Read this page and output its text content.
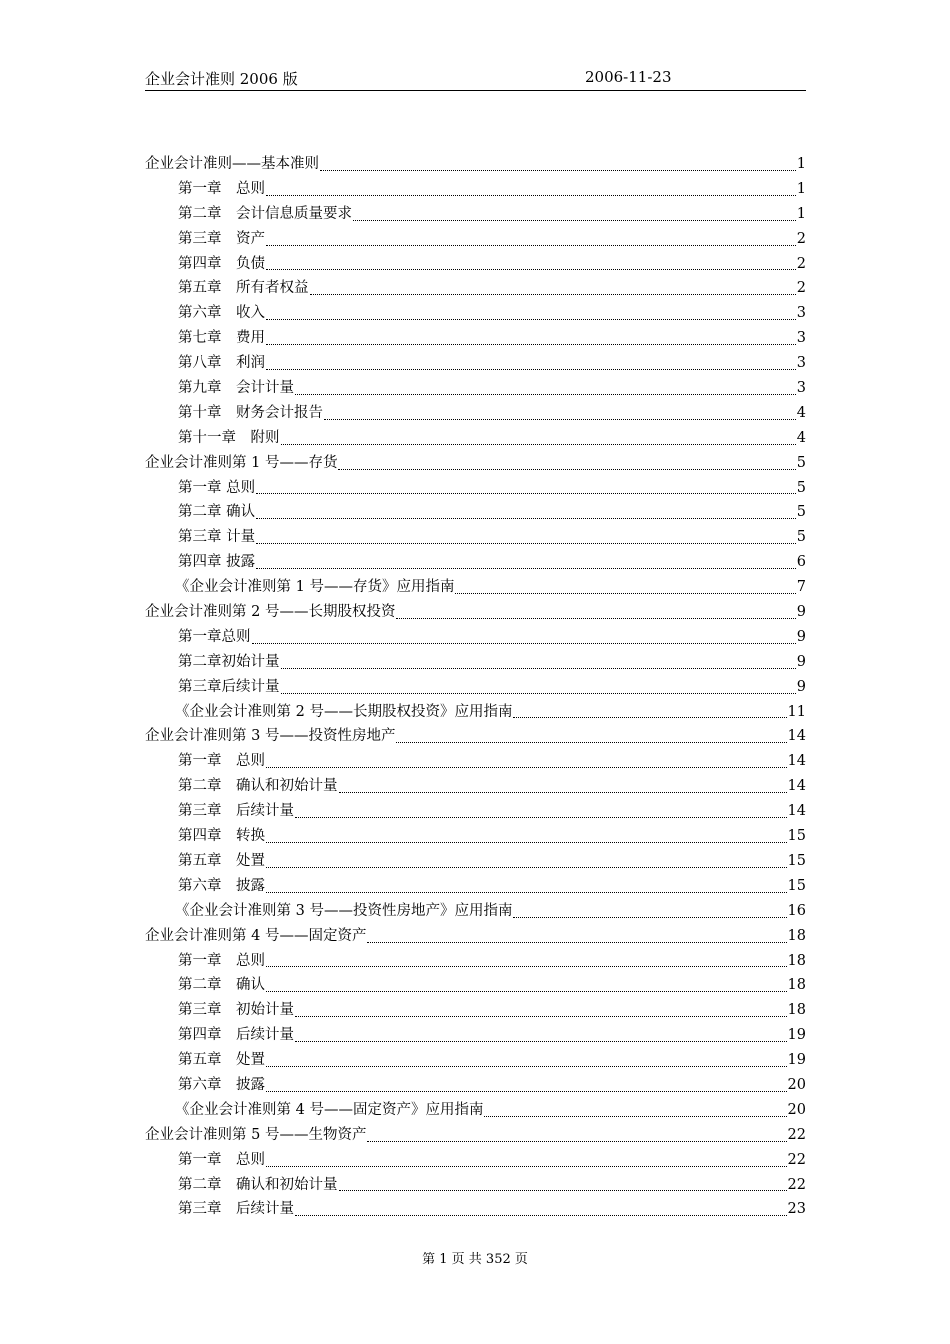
企业会计准则 2006 版	2006-11-23
企业会计准则——基本准则	1
第一章　总则	1
第二章　会计信息质量要求	1
第三章　资产	2
第四章　负债	2
第五章　所有者权益	2
第六章　收入	3
第七章　费用	3
第八章　利润	3
第九章　会计计量	3
第十章　财务会计报告	4
第十一章　附则	4
企业会计准则第 1 号——存货	5
第一章 总则	5
第二章 确认	5
第三章 计量	5
第四章 披露	6
《企业会计准则第 1 号——存货》应用指南	7
企业会计准则第 2 号——长期股权投资	9
第一章总则	9
第二章初始计量	9
第三章后续计量	9
《企业会计准则第 2 号——长期股权投资》应用指南	11
企业会计准则第 3 号——投资性房地产	14
第一章　总则	14
第二章　确认和初始计量	14
第三章　后续计量	14
第四章　转换	15
第五章　处置	15
第六章　披露	15
《企业会计准则第 3 号——投资性房地产》应用指南	16
企业会计准则第 4 号——固定资产	18
第一章　总则	18
第二章　确认	18
第三章　初始计量	18
第四章　后续计量	19
第五章　处置	19
第六章　披露	20
《企业会计准则第 4 号——固定资产》应用指南	20
企业会计准则第 5 号——生物资产	22
第一章　总则	22
第二章　确认和初始计量	22
第三章　后续计量	23
第 1 页 共 352 页
